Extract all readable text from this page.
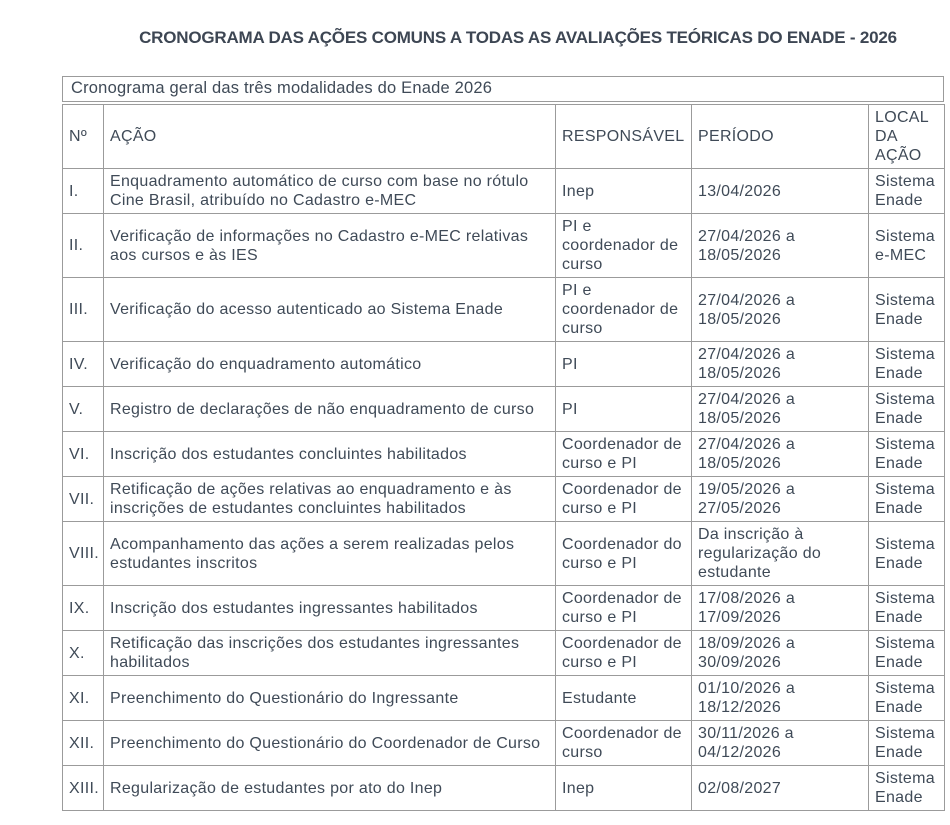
CRONOGRAMA DAS AÇÕES COMUNS A TODAS AS AVALIAÇÕES TEÓRICAS DO ENADE - 2026
Cronograma geral das três modalidades do Enade 2026
Nº	AÇÃO	RESPONSÁVEL	PERÍODO	LOCAL DA AÇÃO
I.	Enquadramento automático de curso com base no rótulo Cine Brasil, atribuído no Cadastro e-MEC	Inep	13/04/2026	Sistema Enade
II.	Verificação de informações no Cadastro e-MEC relativas aos cursos e às IES	PI e coordenador de curso	27/04/2026 a 18/05/2026	Sistema e-MEC
III.	Verificação do acesso autenticado ao Sistema Enade	PI e coordenador de curso	27/04/2026 a 18/05/2026	Sistema Enade
IV.	Verificação do enquadramento automático	PI	27/04/2026 a 18/05/2026	Sistema Enade
V.	Registro de declarações de não enquadramento de curso	PI	27/04/2026 a 18/05/2026	Sistema Enade
VI.	Inscrição dos estudantes concluintes habilitados	Coordenador de curso e PI	27/04/2026 a 18/05/2026	Sistema Enade
VII.	Retificação de ações relativas ao enquadramento e às inscrições de estudantes concluintes habilitados	Coordenador de curso e PI	19/05/2026 a 27/05/2026	Sistema Enade
VIII.	Acompanhamento das ações a serem realizadas pelos estudantes inscritos	Coordenador do curso e PI	Da inscrição à regularização do estudante	Sistema Enade
IX.	Inscrição dos estudantes ingressantes habilitados	Coordenador de curso e PI	17/08/2026 a 17/09/2026	Sistema Enade
X.	Retificação das inscrições dos estudantes ingressantes habilitados	Coordenador de curso e PI	18/09/2026 a 30/09/2026	Sistema Enade
XI.	Preenchimento do Questionário do Ingressante	Estudante	01/10/2026 a 18/12/2026	Sistema Enade
XII.	Preenchimento do Questionário do Coordenador de Curso	Coordenador de curso	30/11/2026 a 04/12/2026	Sistema Enade
XIII.	Regularização de estudantes por ato do Inep	Inep	02/08/2027	Sistema Enade
